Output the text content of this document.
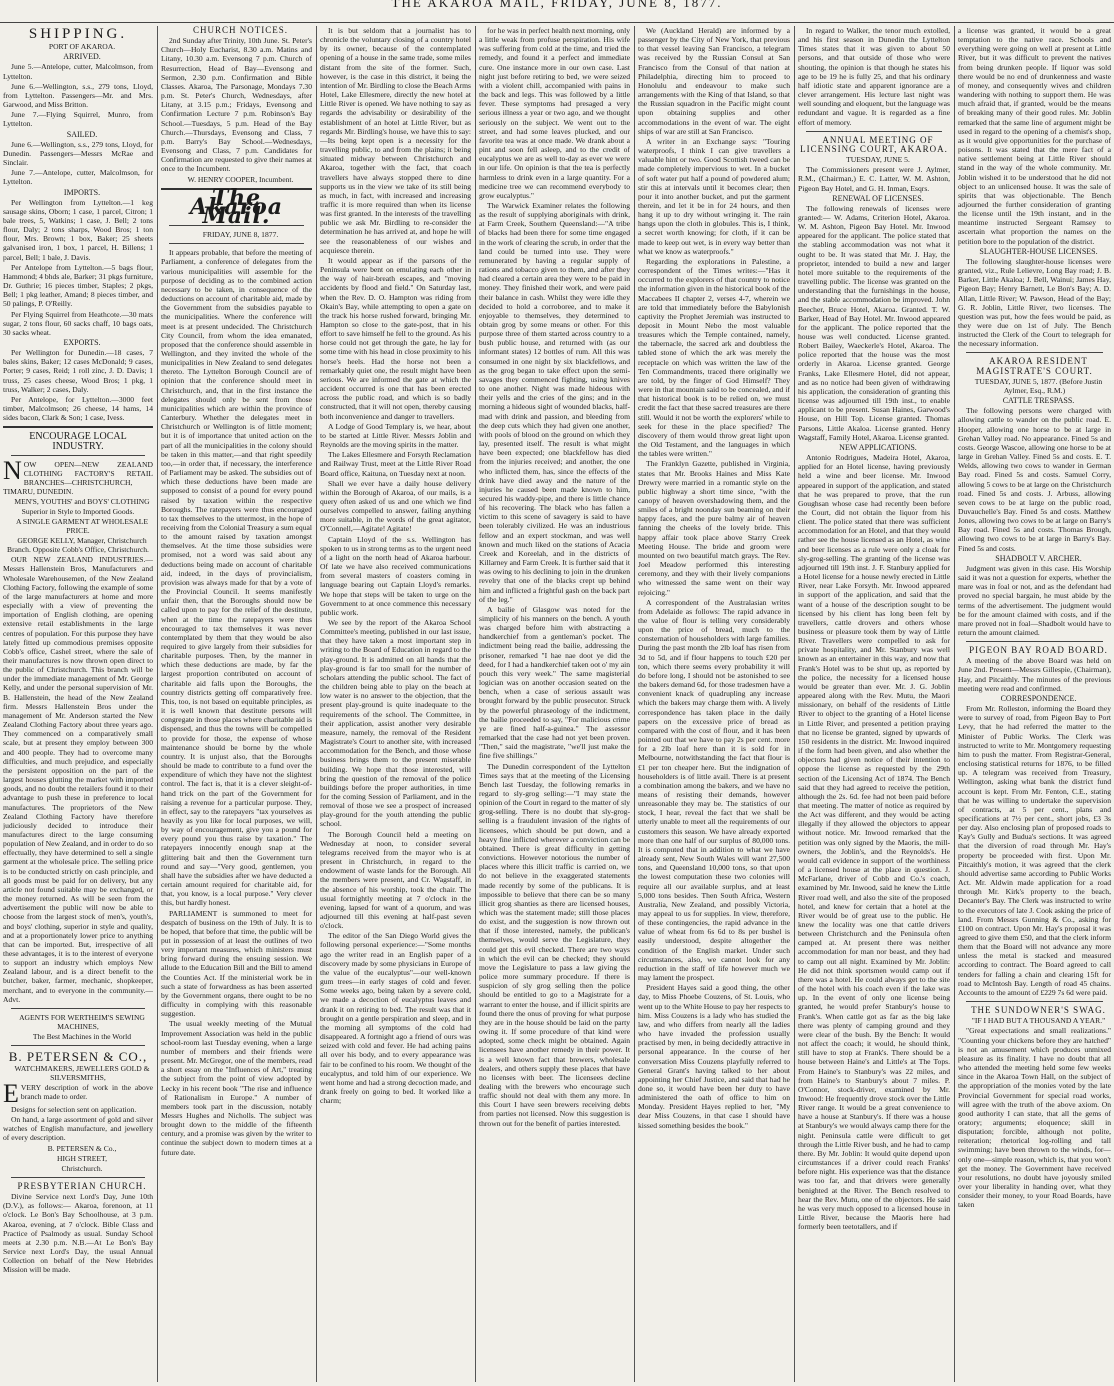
THE AKAROA MAIL, FRIDAY, JUNE 8, 1877.
SHIPPING.

PORT OF AKAROA.

ARRIVED.

June 5.—Antelope, cutter, Malcolmson, from Lyttelton.

June 6.—Wellington, s.s., 279 tons, Lloyd, from Lyttelton. Passengers—Mr. and Mrs. Garwood, and Miss Britton.

June 7.—Flying Squirrel, Munro, from Lyttelton.

SAILED.

June 6.—Wellington, s.s., 279 tons, Lloyd, for Dunedin. Passengers—Messrs McRae and Sinclair.

June 7.—Antelope, cutter, Malcolmson, for Lyttelton.

IMPORTS.

Per Wellington from Lyttelton.—1 keg sausage skins, Oborn; 1 case, 1 parcel, Citron; 1 bale trees, 5, Watkins; 1 case, J. Bell; 2 tons flour, Daly; 2 tons sharps, Wood Bros; 1 ton flour, Mrs. Brown; 1 box, Baker; 25 sheets galvanised iron, 1 box, 1 parcel, H. Billens; 1 parcel, Bell; 1 bale, J. Davis.

Per Antelope from Lyttelton.—5 bags flour, Hammond; 4 bhds ale, Barker; 31 pkgs furniture, Dr. Guthrie; 16 pieces timber, Staples; 2 pkgs, Bell; 1 pkg leather, Amand; 8 pieces timber, and 50 palings, P. O'Reilly.

Per Flying Squirrel from Heathcote.—30 mats sugar, 2 tons flour, 60 sacks chaff, 10 bags oats, 30 sacks wheat.

EXPORTS.

Per Wellington for Dunedin.—18 cases, 7 bales skins, Baker; 12 cases McDonald; 9 cases, Porter; 9 cases, Reid; 1 roll zinc, J. D. Davis; 1 truss, 25 cases cheese, Wood Bros; 1 pkg, 1 truss, Walker; 2 cases, Daly.

Per Antelope, for Lyttelton.—3000 feet timber, Malcolmson; 26 cheese, 14 hams, 14 sides bacon, Clark & Son; 1 case, Ivess.

ENCOURAGE LOCAL INDUSTRY.

NOW OPEN—NEW ZEALAND CLOTHING FACTORY'S RETAIL BRANCHES—CHRISTCHURCH, TIMARU, DUNEDIN.

MEN'S, YOUTHS' and BOYS' CLOTHING Superior in Style to Imported Goods.

A SINGLE GARMENT AT WHOLESALE PRICE.

GEORGE KELLY, Manager, Christchurch Branch. Opposite Cobb's Office, Christchurch.

OUR NEW ZEALAND INDUSTRIES.—Messrs Hallenstein Bros, Manufacturers and Wholesale Warehousemen, of the New Zealand Clothing Factory, following the example of some of the large manufacturers at home and more especially with a view of preventing the importation of English clothing, are opening extensive retail establishments in the large centres of population. For this purpose they have lately fitted up commodious premises opposite Cobb's office, Cashel street, where the sale of their manufactures is now thrown open direct to the public of Christchurch. This branch will be under the immediate management of Mr. George Kelly, and under the personal supervision of Mr. B. Hallenstein, the head of the New Zealand firm. Messrs Hallenstein Bros under the management of Mr. Anderson started the New Zealand Clothing Factory about three years ago. They commenced on a comparatively small scale, but at present they employ between 300 and 400 people. They had to overcome many difficulties, and much prejudice, and especially the persistent opposition on the part of the largest houses glutting the market with imported goods, and no doubt the retailers found it to their advantage to push these in preference to local manufactures. The proprietors of the New Zealand Clothing Factory have therefore judiciously decided to introduce their manufactures direct to the large consuming population of New Zealand, and in order to do so effectually, they have determined to sell a single garment at the wholesale price. The selling price is to be conducted strictly on cash principle, and all goods must be paid for on delivery, but any article not found suitable may be exchanged, or the money returned. As will be seen from the advertisement the public will now be able to choose from the largest stock of men's, youth's, and boys' clothing, superior in style and quality, and at a proportionately lower price to anything that can be imported. But, irrespective of all these advantages, it is to the interest of everyone to support an industry which employs New Zealand labour, and is a direct benefit to the butcher, baker, farmer, mechanic, shopkeeper, merchant, and to everyone in the community.—Advt.

AGENTS FOR WERTHEIM'S SEWING MACHINES,

The Best Machines in the World

B. PETERSEN & CO.,

WATCHMAKERS, JEWELLERS GOLD & SILVERSMITHS,

EVERY description of work in the above branch made to order.

Designs for selection sent on application.

On hand, a large assortment of gold and silver watches of English manufacture, and jewellery of every description.

B. PETERSEN & Co.,

HIGH STREET,

Christchurch.

PRESBYTERIAN CHURCH.

Divine Service next Lord's Day, June 10th (D.V.), as follows:— Akaroa, forenoon, at 11 o'clock. Le Bon's Bay Schoolhouse, at 3 p.m. Akaroa, evening, at 7 o'clock. Bible Class and Practice of Psalmody as usual. Sunday School meets at 2.30 p.m. N.B.—At Le Bon's Bay Service next Lord's Day, the usual Annual Collection on behalf of the New Hebrides Mission will be made.

CHURCH NOTICES.

2nd Sunday after Trinity, 10th June. St. Peter's Church—Holy Eucharist, 8.30 a.m. Matins and Litany, 10.30 a.m. Evensong 7 p.m. Church of Resurrection, Head of Bay—Evensong and Sermon, 2.30 p.m. Confirmation and Bible Classes. Akaroa, The Parsonage, Mondays 7.30 p.m. St. Peter's Church, Wednesdays, after Litany, at 3.15 p.m.; Fridays, Evensong and Confirmation Lecture 7 p.m. Robinson's Bay School.—Tuesdays, 5 p.m. Head of the Bay Church.—Thursdays, Evensong and Class, 7 p.m. Barry's Bay School.—Wednesdays, Evensong and Class, 7 p.m. Candidates for Confirmation are requested to give their names at once to the Incumbent.

W. HENRY COOPER, Incumbent.

The Akaroa Mail.

FRIDAY, JUNE 8, 1877.

It appears probable, that before the meeting of Parliament, a conference of delegates from the various municipalities will assemble for the purpose of deciding as to the combined action necessary to be taken, in consequence of the deductions on account of charitable aid, made by the Government from the subsidies payable to the municipalities. Where the conference will meet is at present undecided. The Christchurch City Council, from whom the idea emanated, proposed that the conference should assemble in Wellington, and they invited the whole of the municipalities in New Zealand to send delegates thereto. The Lyttelton Borough Council are of opinion that the conference should meet in Christchurch, and, that in the first instance the delegates should only be sent from those municipalities which are within the province of Canterbury. Whether the delegates meet in Christchurch or Wellington is of little moment; but it is of importance that united action on the part of all the municipalities in the colony should be taken in this matter,—and that right speedily too,—in order that, if necessary, the interference of Parliament may be asked. The subsidies out of which these deductions have been made are supposed to consist of a pound for every pound raised by taxation within the respective Boroughs. The ratepayers were thus encouraged to tax themselves to the uttermost, in the hope of receiving from the Colonial Treasury a sum equal to the amount raised by taxation amongst themselves. At the time those subsidies were promised, not a word was said about any deductions being made on account of charitable aid, indeed, in the days of provincialism, provision was always made for that by a vote of the Provincial Council. It seems manifestly unfair then, that the Boroughs should now be called upon to pay for the relief of the destitute, when at the time the ratepayers were thus encouraged to tax themselves it was never contemplated by them that they would be also required to give largely from their subsidies for charitable purposes. Then, by the manner in which these deductions are made, by far the largest proportion contributed on account of charitable aid falls upon the Boroughs, the country districts getting off comparatively free. This, too, is not based on equitable principles, as it is well known that destitute persons will congregate in those places where charitable aid is dispensed, and thus the towns will be compelled to provide for those, the expense of whose maintenance should be borne by the whole country. It is unjust also, that the Boroughs should be made to contribute to a fund over the expenditure of which they have not the slightest control. The fact is, that it is a clever sleight-of-hand trick on the part of the Government for raising a revenue for a particular purpose. They, in effect, say to the ratepayers "tax yourselves as heavily as you like for local purposes, we will, by way of encouragement, give you a pound for every pound you thus raise by taxation." The ratepayers innocently enough snap at the glittering bait and then the Government turn round and say—"Very good, gentlemen, you shall have the subsidies after we have deducted a certain amount required for charitable aid, for that, you know, is a local purpose." Very clever this, but hardly honest.

PARLIAMENT is summoned to meet for despatch of business on the 19th of July. It is to be hoped, that before that time, the public will be put in possession of at least the outlines of two very important measures, which ministers must bring forward during the ensuing session. We allude to the Education Bill and the Bill to amend the Counties Act. If the ministerial work be in such a state of forwardness as has been asserted by the Government organs, there ought to be no difficulty in complying with this reasonable suggestion.

The usual weekly meeting of the Mutual Improvement Association was held in the public school-room last Tuesday evening, when a large number of members and their friends were present. Mr. McGregor, one of the members, read a short essay on the "Influences of Art," treating the subject from the point of view adopted by Lecky in his recent book "The rise and influence of Rationalism in Europe." A number of members took part in the discussion, notably Messrs Hughes and Nicholls. The subject was brought down to the middle of the fifteenth century, and a promise was given by the writer to continue the subject down to modern times at a future date.

It is but seldom that a journalist has to chronicle the voluntary closing of a country hotel by its owner, because of the contemplated opening of a house in the same trade, some miles distant from the site of the former. Such, however, is the case in this district, it being the intention of Mr. Birdling to close the Beach Arms Hotel, Lake Ellesmere, directly the new hotel at Little River is opened. We have nothing to say as regards the advisability or desirability of the establishment of an hotel at Little River, but as regards Mr. Birdling's house, we have this to say:—Its being kept open is a necessity for the travelling public, to and from the plains; it being situated midway between Christchurch and Akaroa, together with the fact, that coach travellers have always stopped there to dine supports us in the view we take of its still being as much, in fact, with increased and increasing traffic it is more required than when its license was first granted. In the interests of the travelling public we ask Mr. Birdling to re-consider the determination he has arrived at, and hope he will see the reasonableness of our wishes and acquiesce therein.

It would appear as if the parsons of the Peninsula were bent on emulating each other in the way of hair-breath escapes, and "moving accidents by flood and field." On Saturday last, when the Rev. D. O. Hampton was riding from Okain's Bay, while attempting to open a gate on the track his horse rushed forward, bringing Mr. Hampton so close to the gate-post, that in his effort to save himself he fell to the ground. As his horse could not get through the gate, he lay for some time with his head in close proximity to his horse's heels. Had the horse not been a remarkably quiet one, the result might have been serious. We are informed the gate at which the accident occurred is one that has been erected across the public road, and which is so badly constructed, that it will not open, thereby causing both inconvenience and danger to travellers.

A Lodge of Good Templary is, we hear, about to be started at Little River. Messrs Joblin and Reynolds are the moving spirits in the matter.

The Lakes Ellesmere and Forsyth Reclamation and Railway Trust, meet at the Little River Road Board office, Kaituna, on Tuesday next at noon.

Shall we ever have a daily house delivery within the Borough of Akaroa, of our mails, is a query often asked of us and one which we find ourselves compelled to answer, failing anything more suitable, in the words of the great agitator, O'Connell,—Agitate! Agitate!

Captain Lloyd of the s.s. Wellington has spoken to us in strong terms as to the urgent need of a light on the north head of Akaroa harbour. Of late we have also received communications from several masters of coasters coming in language bearing out Captain Lloyd's remarks. We hope that steps will be taken to urge on the Government to at once commence this necessary public work.

We see by the report of the Akaroa School Committee's meeting, published in our last issue, that they have taken a most important step in writing to the Board of Education in regard to the play-ground. It is admitted on all hands that the play-ground is far too small for the number of scholars attending the public school. The fact of the children being able to play on the beach at low water is no answer to the objection, that the present play-ground is quite inadequate to the requirements of the school. The Committee, in their application, assist another very desirable measure, namely, the removal of the Resident Magistrate's Court to another site, with increased accommodation for the Bench, and those whose business brings them to the present miserable building. We hope that those interested, will bring the question of the removal of the police buildings before the proper authorities, in time for the coming Session of Parliament, and in the removal of those we see a prospect of increased play-ground for the youth attending the public school.

The Borough Council held a meeting on Wednesday at noon, to consider several telegrams received from the mayor who is at present in Christchurch, in regard to the endowment of waste lands for the Borough. All the members were present, and Cr. Wagstaff, in the absence of his worship, took the chair. The usual fortnightly meeting at 7 o'clock in the evening, lapsed for want of a quorum, and was adjourned till this evening at half-past seven o'clock.

The editor of the San Diego World gives the following personal experience:—"Some months ago the writer read in an English paper of a discovery made by some physicians in Europe of the value of the eucalyptus"—our well-known gum trees—in early stages of cold and fever. Some weeks ago, being taken by a severe cold, we made a decoction of eucalyptus leaves and drank it on retiring to bed. The result was that it brought on a gentle perspiration and sleep, and in the morning all symptoms of the cold had disappeared. A fortnight ago a friend of ours was seized with cold and fever. He had aching pains all over his body, and to every appearance was fair to be confined to his room. We thought of the eucalyptus, and told him of our experience. We went home and had a strong decoction made, and drank freely on going to bed. It worked like a charm;

for he was in perfect health next morning, only a little weak from profuse perspiration. His wife was suffering from cold at the time, and tried the remedy, and found it a perfect and immediate cure. One instance more in our own case. Last night just before retiring to bed, we were seized with a violent chill, accompanied with pains in the back and legs. This was followed by a little fever. These symptoms had presaged a very serious illness a year or two ago, and we thought seriously on the subject. We went out to the street, and had some leaves plucked, and our favorite tea was at once made. We drank about a pint and soon fell asleep, and to the credit of eucalyptus we are as well to-day as ever we were in our life. On opinion is that the tea is perfectly harmless to drink even in a large quantity. For a medicine tree we can recommend everybody to grow eucalyptus."

The Warwick Examiner relates the following as the result of supplying aboriginals with drink, at Farm Creek, Southern Queensland:—"A tribe of blacks had been there for some time engaged in the work of clearing the scrub, in order that the land could be turned into use. They were remunerated by having a regular supply of rations and tobacco given to them, and after they had cleared a certain area they were to be paid in money. They finished their work, and were paid their balance in cash. Whilst they were idle they decided to hold a corroboree, and to make it enjoyable to themselves, they determined to obtain grog by some means or other. For this purpose three of them started across country to a bush public house, and returned with (as our informant states) 12 bottles of rum. All this was consumed in one night by six blackfellows, and as the grog began to take effect upon the semi-savages they commenced fighting, using knives to one another. Night was made hideous with their yells and the cries of the gins; and in the morning a hideous sight of wounded blacks, half-mad with drink and passion, and bleeding from the deep cuts which they had given one another, with pools of blood on the ground on which they lay, presented itself. The result is what might have been expected; one blackfellow has died from the injuries received; and another, the one who inflicted them, has, since the effects of the drink have died away and the nature of the injuries he caused been made known to him, secured his waddy-pipe, and there is little chance of his recovering. The black who has fallen a victim to this scene of savagery is said to have been tolerably civilized. He was an industrious fellow and an expert stockman, and was well known and much liked on the stations of Acacia Creek and Koreelah, and in the districts of Killarney and Farm Creek. It is further said that it was owing to his declining to join in the drunken revelry that one of the blacks crept up behind him and inflicted a frightful gash on the back part of the leg."

A bailie of Glasgow was noted for the simplicity of his manners on the bench. A youth was charged before him with abstracting a handkerchief from a gentleman's pocket. The indictment being read the bailie, addressing the prisoner, remarked "I hae nae doot ye did the deed, for I had a handkerchief taken oot o' my ain pouch this very week." The same magisterial logician was on another occasion seated on the bench, when a case of serious assault was brought forward by the public prosecutor. Struck by the powerful phraseology of the indictment, the bailie proceeded to say, "For malicious crime ye are fined half-a-guinea." The assessor remarked that the case had not yet been proven. "Then," said the magistrate, "we'll just make the fine five shillings."

The Dunedin correspondent of the Lyttelton Times says that at the meeting of the Licensing Bench last Tuesday, the following remarks in regard to sly-grog selling:—"I may state the opinion of the Court in regard to the matter of sly grog-selling. There is no doubt that sly-grog-selling is a fraudulent invasion of the rights of licensees, which should be put down, and a heavy fine inflicted wherever a conviction can be obtained. There is great difficulty in getting convictions. However notorious the number of places where this illicit traffic is carried on, we do not believe in the exaggerated statements made recently by some of the publicans. It is impossible to believe that there can be so many illicit grog shanties as there are licensed houses, which was the statement made; still those places do exist, and the suggestion is now thrown out that if those interested, namely, the publican's themselves, would serve the Legislature, they could get this evil checked. There are two ways in which the evil can be checked; they should move the Legislature to pass a law giving the police more summary procedure. If there is suspicion of sly grog selling then the police should be entitled to go to a Magistrate for a warrant to enter the house, and if illicit spirits are found there the onus of proving for what purpose they are in the house should be laid on the party owing it. If some procedure of that kind were adopted, some check might be obtained. Again licensees have another remedy in their power. It is a well known fact that brewers, wholesale dealers, and others supply these places that have no licenses with beer. The licensees decline dealing with the brewers who encourage such traffic should not deal with them any more. In this Court I have seen brewers receiving debts from parties not licensed. Now this suggestion is thrown out for the benefit of parties interested.

We (Auckland Herald) are informed by a passenger by the City of New York, that previous to that vessel leaving San Francisco, a telegram was received by the Russian Consul at San Francisco from the Consul of that nation at Philadelphia, directing him to proceed to Honolulu and endeavour to make such arrangements with the King of that Island, so that the Russian squadron in the Pacific might count upon obtaining supplies and other accommodations in the event of war. The eight ships of war are still at San Francisco.

A writer in an Exchange says: "Touring waterproofs, I think I can give travellers a valuable hint or two. Good Scottish tweed can be made completely impervious to wet. In a bucket of soft water put half a pound of powdered alum; stir this at intervals until it becomes clear; then pour it into another bucket, and put the garment therein, and let it be in for 24 hours, and then hang it up to dry without wringing it. The rain hangs upon the cloth in globules. This is, I think, a secret worth knowing; for cloth, if it can be made to keep out wet, is in every way better than what we know as waterproofs."

Regarding the explorations in Palestine, a correspondent of the Times writes:—"Has it occurred to the explorers of that country to notice the information given in the historical book of the Maccabees II chapter 2, verses 4-7, wherein we are told that immediately before the Babylonish captivity the Prophet Jeremiah was instructed to deposit in Mount Nebo the most valuable treasures which the Temple contained, namely, the tabernacle, the sacred ark and doubtless the tabled stone of which the ark was merely the receptacle on which was written the law of the Ten Commandments, traced there originally we are told, by the finger of God Himself? They were in that mountain said to be concealed, and if that historical book is to be relied on, we must credit the fact that these sacred treasures are there still. Would it not be worth the explorers' while to seek for these in the place specified? The discovery of them would throw great light upon the Old Testament, and the languages in which the tables were written."

The Franklyn Gazette, published in Virginia, states that Mr. Brooks Haines and Miss Kate Drewry were married in a romantic style on the public highway a short time since, "with the canopy of heaven overshadowing them, and the smiles of a bright noonday sun beaming on their happy faces, and the pure balmy air of heaven fanning the cheeks of the lovely bride. This happy affair took place above Starry Creek Meeting House. The bride and groom were mounted on two beautiful match grays. The Rev. Joel Meadow performed this interesting ceremony, and they with their lively companions who witnessed the same went on their way rejoicing."

A correspondent of the Australasian writes from Adelaide as follows: The rapid advance in the value of flour is telling very considerably upon the price of bread, much to the consternation of householders with large families. During the past month the 2lb loaf has risen from 3d to 5d, and if flour happens to touch £20 per ton, which there seems every probability it will do before long, I should not be astonished to see the bakers demand 6d, for those tradesmen have a convenient knack of quadrupling any increase which the bakers may charge them with. A lively correspondence has taken place in the daily papers on the excessive price of bread as compared with the cost of flour, and it has been pointed out that we have to pay 2s per cent. more for a 2lb loaf here than it is sold for in Melbourne, notwithstanding the fact that flour is £1 per ton cheaper here. But the indignation of householders is of little avail. There is at present a combination among the bakers, and we have no means of resisting their demands, however unreasonable they may be. The statistics of our stock, I hear, reveal the fact that we shall be utterly unable to meet all the requirements of our customers this season. We have already exported more than one half of our surplus of 80,000 tons. It is computed that in addition to what we have already sent, New South Wales will want 27,500 tons, and Queensland 10,000 tons, so that upon the lowest computation these two colonies will require all our available surplus, and at least 5,000 tons besides. Then South Africa, Western Australia, New Zealand, and possibly Victoria, may appeal to us for supplies. In view, therefore, of these contingencies, the rapid advance in the value of wheat from 6s 6d to 8s per bushel is easily understood, despite altogether the condition of the English market. Under such circumstances, also, we cannot look for any reduction in the staff of life however much we may lament the prospect.

President Hayes said a good thing, the other day, to Miss Phoebe Couzens, of St. Louis, who went up to the White House to pay her respects to him. Miss Couzens is a lady who has studied the law, and who differs from nearly all the ladies who have invaded the profession usually practised by men, in being decidedly attractive in personal appearance. In the course of her conversation Miss Couzens playfully referred to General Grant's having talked to her about appointing her Chief Justice, and said that had he done so, it would have been her duty to have administered the oath of office to him on Monday. President Hayes replied to her, "My dear Miss Couzens, in that case I should have kissed something besides the book."

In regard to Walker, the tenor much extolled, and his first season in Dunedin the Lyttelton Times states that it was given to about 50 persons, and that outside of those who were shouting, the opinion is that though he states his age to be 19 he is fully 25, and that his ordinary half idiotic state and apparent ignorance are a clever arrangement. His lecture last night was well sounding and eloquent, but the language was redundant and vague. It is regarded as a fine effort of memory.

ANNUAL MEETING OF LICENSING COURT, AKAROA.

TUESDAY, JUNE 5.

The Commissioners present were J. Aylmer, R.M., (Chairman,) E. C. Latter, W. M. Ashton, Pigeon Bay Hotel, and G. H. Inman, Esqrs.

RENEWAL OF LICENSES.

The following renewals of licenses were granted:— W. Adams, Criterion Hotel, Akaroa. W. M. Ashton, Pigeon Bay Hotel. Mr. Inwood appeared for the applicant. The police stated that the stabling accommodation was not what it ought to be. It was stated that Mr. J. Hay, the proprietor, intended to build a new and larger hotel more suitable to the requirements of the travelling public. The license was granted on the understanding that the furnishings in the house, and the stable accommodation be improved. John Beecher, Bruce Hotel, Akaroa. Granted. T. W. Barker, Head of Bay Hotel. Mr. Inwood appeared for the applicant. The police reported that the house was well conducted. License granted. Robert Bailey, Waeckerle's Hotel, Akaroa. The police reported that the house was the most orderly in Akaroa. License granted. George Franks, Lake Ellesmere Hotel, did not appear, and as no notice had been given of withdrawing his application, the consideration of granting this license was adjourned till 19th inst., to enable applicant to be present. Susan Haines, Garwood's House, on Hill Top. License granted. Thomas Parsons, Little Akaloa. License granted. Henry Wagstaff, Family Hotel, Akaroa. License granted.

NEW APPLICATIONS.

Antonio Rodrigues, Madeira Hotel, Akaroa, applied for an Hotel license, having previously held a wine and beer license. Mr. Inwood appeared in support of the application, and stated that he was prepared to prove, that the run Goughsan whose case had recently been before the Court, did not obtain the liquor from his client. The police stated that there was sufficient accommodation for an Hotel, and that they would rather see the house licensed as an Hotel, as wine and beer licenses as a rule were only a cloak for sly-grog-selling. The granting of the license was adjourned till 19th inst. J. F. Stanbury applied for a Hotel license for a house newly erected in Little River, near Lake Forsyth. Mr. Inwood appeared in support of the application, and said that the want of a house of the description sought to be licensed by his client has long been felt by travellers, cattle drovers and others whose business or pleasure took them by way of Little River. Travellers were compelled to ask for private hospitality, and Mr. Stanbury was well known as an entertainer in this way, and now that Frank's Hotel was to be shut up, as reported by the police, the necessity for a licensed house would be greater than ever. Mr. J. G. Joblin appeared along with the Rev. Mutu, the Maori missionary, on behalf of the residents of Little River to object to the granting of a Hotel license in Little River, and presented a petition praying that no license be granted, signed by upwards of 150 residents in the district. Mr. Inwood inquired if the form had been given, and also whether the objectors had given notice of their intention to oppose the license as requested by the 29th section of the Licensing Act of 1874. The Bench said that they had agreed to receive the petition, although the 2s. 6d. fee had not been paid before that meeting. The matter of notice as required by the Act was different, and they would be acting illegally if they allowed the objectors to appear without notice. Mr. Inwood remarked that the petition was only signed by the Maoris, the mill-owners, the Joblin's, and the Reynolds's. He would call evidence in support of the worthiness of a licensed house at the place in question. J. McFarlane, driver of Cobb and Co.'s coach, examined by Mr. Inwood, said he knew the Little River road well, and also the site of the proposed hotel, and knew for certain that a hotel at the River would be of great use to the public. He knew the locality was one that cattle drivers between Christchurch and the Peninsula often camped at. At present there was neither accommodation for man nor beast, and they had to camp out all night. Examined by Mr. Joblin: He did not think sportsmen would camp out if there was a hotel. He could always get to the site of the hotel with his coach even if the lake was up. In the event of only one license being granted, he would prefer Stanbury's house to Frank's. When cattle got as far as the big lake there was plenty of camping ground and they were clear of the bush. By the Bench: It would not affect the coach; it would, he should think, still have to stop at Frank's. There should be a house between Haine's and Little's at The Tops. From Haine's to Stanbury's was 22 miles, and from Haine's to Stanbury's about 7 miles. P. O'Connor, stock-driver, examined by Mr. Inwood: He frequently drove stock over the Little River range. It would be a great convenience to have a house at Stanbury's. If there was a house at Stanbury's we would always camp there for the night. Peninsula cattle were difficult to get through the Little River bush, and he had to camp there. By Mr. Joblin: It would quite depend upon circumstances if a driver could reach Franks' before night. His experience was that the distance was too far, and that drivers were generally benighted at the River. The Bench resolved to hear the Rev. Mutu, one of the objectors. He said he was very much opposed to a licensed house in Little River, because the Maoris here had formerly been teetotallers, and if

a license was granted, it would be a great temptation to the native race. Schools and everything were going on well at present at Little River, but it was difficult to prevent the natives from being drunken people. If liquor was sold there would be no end of drunkenness and waste of money, and consequently wives and children wandering with nothing to support them. He was much afraid that, if granted, would be the means of breaking many of their good rules. Mr. Joblin remarked that the same line of argument might be used in regard to the opening of a chemist's shop, as it would give opportunities for the purchase of poisons. It was stated that the mere fact of a native settlement being at Little River should stand in the way of the whole community. Mr. Joblin wished it to be understood that he did not object to an unlicensed house. It was the sale of spirits that was objectionable. The Bench adjourned the further consideration of granting the license until the 19th instant, and in the meantime instructed Sergeant Ramsey to ascertain what proportion the names on the petition bore to the population of the district.

SLAUGHTER-HOUSE LICENSES.

The following slaughter-house licenses were granted, viz., Rule Lelievre, Long Bay road; J. B. Barker, Little Akaloa; J. Bell, Wainui; James Hay, Pigeon Bay; Henry Barnett, Le Bon's Bay; A. D. Allan, Little River; W. Pawson, Head of the Bay; G. R. Joblin, Little River, two licenses. The question was put, how the fees would be paid, as they were due on 1st of July. The Bench instructed the Clerk of the Court to telegraph for the necessary information.

AKAROA RESIDENT MAGISTRATE'S COURT.

TUESDAY, JUNE 5, 1877. (Before Justin Aylmer, Esq., R.M.)

CATTLE TRESPASS.

The following persons were charged with allowing cattle to wander on the public road. E. Hooper, allowing one horse to be at large in Grehan Valley road. No appearance. Fined 5s and costs. George Wascoe, allowing one horse to be at large in Grehan Valley. Fined 5s and costs. E. T. Welds, allowing two cows to wander in German Bay road. Fined 5s and costs. Samuel Corry, allowing 5 cows to be at large on the Christchurch road. Fined 5s and costs. J. Arbuss, allowing seven cows to be at large on the public road, Duvauchelle's Bay. Fined 5s and costs. Matthew Jones, allowing two cows to be at large on Barry's Bay road. Fined 5s and costs. Thomas Brough, allowing two cows to be at large in Barry's Bay. Fined 5s and costs.

SHADBOLT V. ARCHER.

Judgment was given in this case. His Worship said it was not a question for experts, whether the mare was in foal or not, and as the defendant had proved no special bargain, he must abide by the terms of the advertisement. The judgment would be for the amount claimed with costs, and if the mare proved not in foal—Shadbolt would have to return the amount claimed.

PIGEON BAY ROAD BOARD.

A meeting of the above Board was held on June 2nd. Present—Messrs Gillespie, (Chairman), Hay, and Pitcaithly. The minutes of the previous meeting were read and confirmed.

CORRESPONDENCE.

From Mr. Rolleston, informing the Board they were to survey of road, from Pigeon Bay to Port Levy, that he had referred the matter to the Minister of Public Works. The Clerk was instructed to write to Mr. Montgomery requesting him to push the matter. From Registrar-General, enclosing statistical returns for 1876, to be filled up. A telegram was received from Treasury, Wellington, asking what bank the district fund account is kept. From Mr. Fenton, C.E., stating that he was willing to undertake the supervision of contracts, at 5 per cent., plans and specifications at 7½ per cent., short jobs, £3 3s per day. Also enclosing plan of proposed roads to Kay's Gully and Budua's sections. It was agreed that the diversion of road through Mr. Hay's property be proceeded with first. Upon Mr. Pitcaithly's motion, it was agreed that the clerk should advertise same according to Public Works Act. Mr. Aldwin made application for a road through Mr. Kirk's property to the beach, Decanter's Bay. The Clerk was instructed to write to the executors of late J. Cook asking the price of land. From Messrs Gunning & Co., asking for £100 on contract. Upon Mr. Hay's proposal it was agreed to give them £50, and that the clerk inform them that the Board will not advance any more unless the metal is stacked and measured according to contract. The Board agreed to call tenders for falling a chain and clearing 15ft for road to McIntosh Bay. Length of road 45 chains. Accounts to the amount of £229 7s 6d were paid.

THE SUNDOWNER'S SWAG.

"IF I HAD BUT A THOUSAND A YEAR."

"Great expectations and small realizations." "Counting your chickens before they are hatched" is not an amusement which produces unmixed pleasure as its finality. I have no doubt that all who attended the meeting held some few weeks since in the Akaroa Town Hall, on the subject of the appropriation of the monies voted by the late Provincial Government for special road works, will agree with the truth of the above axiom. On good authority I can state, that all the gems of oratory; arguments; eloquence; skill in disputation; forcible, although not polite, reiteration; rhetorical log-rolling and tall swimming; have been thrown to the winds, for—only one—simple reason, which is, that you won't get the money. The Government have received your resolutions, no doubt have joyously smiled over your liberality in handing over, what they consider their money, to your Road Boards, have taken
